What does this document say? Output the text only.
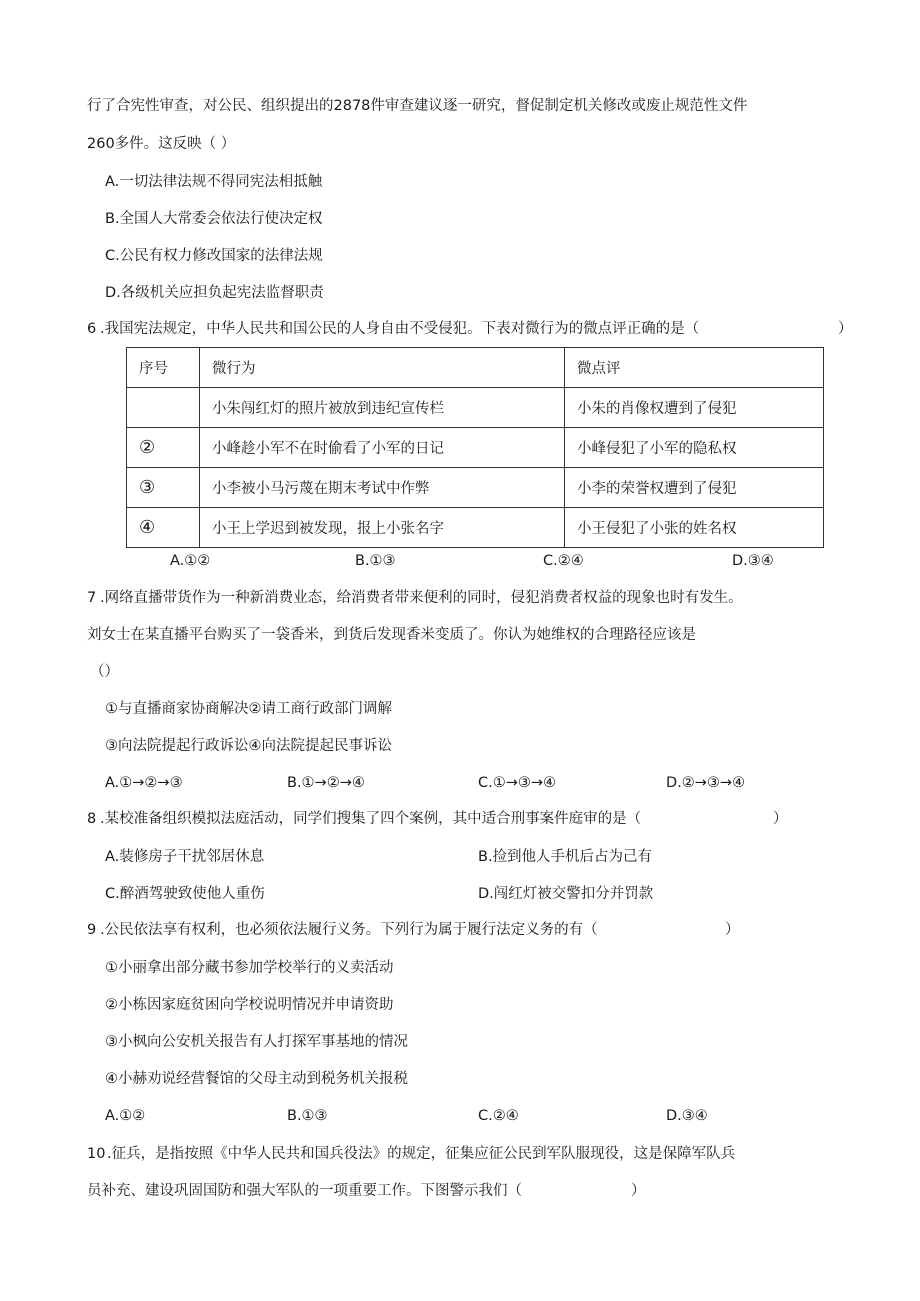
行了合宪性审查，对公民、组织提出的2878件审查建议逐一研究，督促制定机关修改或废止规范性文件
260多件。这反映（ ）
A.一切法律法规不得同宪法相抵触
B.全国人大常委会依法行使决定权
C.公民有权力修改国家的法律法规
D.各级机关应担负起宪法监督职责
6 .我国宪法规定，中华人民共和国公民的人身自由不受侵犯。下表对微行为的微点评正确的是（	）
序号	微行为	微点评
	小朱闯红灯的照片被放到违纪宣传栏	小朱的肖像权遭到了侵犯
②	小峰趁小军不在时偷看了小军的日记	小峰侵犯了小军的隐私权
③	小李被小马污蔑在期末考试中作弊	小李的荣誉权遭到了侵犯
④	小王上学迟到被发现，报上小张名字	小王侵犯了小张的姓名权
A.①②	B.①③	C.②④	D.③④
7 .网络直播带货作为一种新消费业态，给消费者带来便利的同时，侵犯消费者权益的现象也时有发生。
刘女士在某直播平台购买了一袋香米，到货后发现香米变质了。你认为她维权的合理路径应该是
（）
①与直播商家协商解决②请工商行政部门调解
③向法院提起行政诉讼④向法院提起民事诉讼
A.①→②→③	B.①→②→④	C.①→③→④	D.②→③→④
8 .某校准备组织模拟法庭活动，同学们搜集了四个案例，其中适合刑事案件庭审的是（	）
A.装修房子干扰邻居休息	B.捡到他人手机后占为己有
C.醉酒驾驶致使他人重伤	D.闯红灯被交警扣分并罚款
9 .公民依法享有权利，也必须依法履行义务。下列行为属于履行法定义务的有（	）
①小丽拿出部分藏书参加学校举行的义卖活动
②小栋因家庭贫困向学校说明情况并申请资助
③小枫向公安机关报告有人打探军事基地的情况
④小赫劝说经营餐馆的父母主动到税务机关报税
A.①②	B.①③	C.②④	D.③④
10 .征兵，是指按照《中华人民共和国兵役法》的规定，征集应征公民到军队服现役，这是保障军队兵
员补充、建设巩固国防和强大军队的一项重要工作。下图警示我们（	）
